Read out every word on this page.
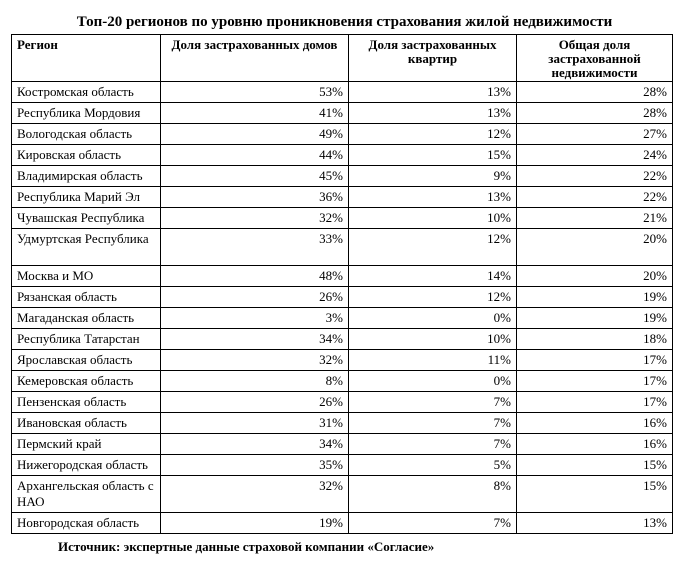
Топ-20 регионов по уровню проникновения страхования жилой недвижимости
Регион	Доля застрахованных домов	Доля застрахованных квартир	Общая доля застрахованной недвижимости
Костромская область	53%	13%	28%
Республика Мордовия	41%	13%	28%
Вологодская область	49%	12%	27%
Кировская область	44%	15%	24%
Владимирская область	45%	9%	22%
Республика Марий Эл	36%	13%	22%
Чувашская Республика	32%	10%	21%
Удмуртская Республика	33%	12%	20%
Москва и МО	48%	14%	20%
Рязанская область	26%	12%	19%
Магаданская область	3%	0%	19%
Республика Татарстан	34%	10%	18%
Ярославская область	32%	11%	17%
Кемеровская область	8%	0%	17%
Пензенская область	26%	7%	17%
Ивановская область	31%	7%	16%
Пермский край	34%	7%	16%
Нижегородская область	35%	5%	15%
Архангельская область с НАО	32%	8%	15%
Новгородская область	19%	7%	13%
Источник: экспертные данные страховой компании «Согласие»
